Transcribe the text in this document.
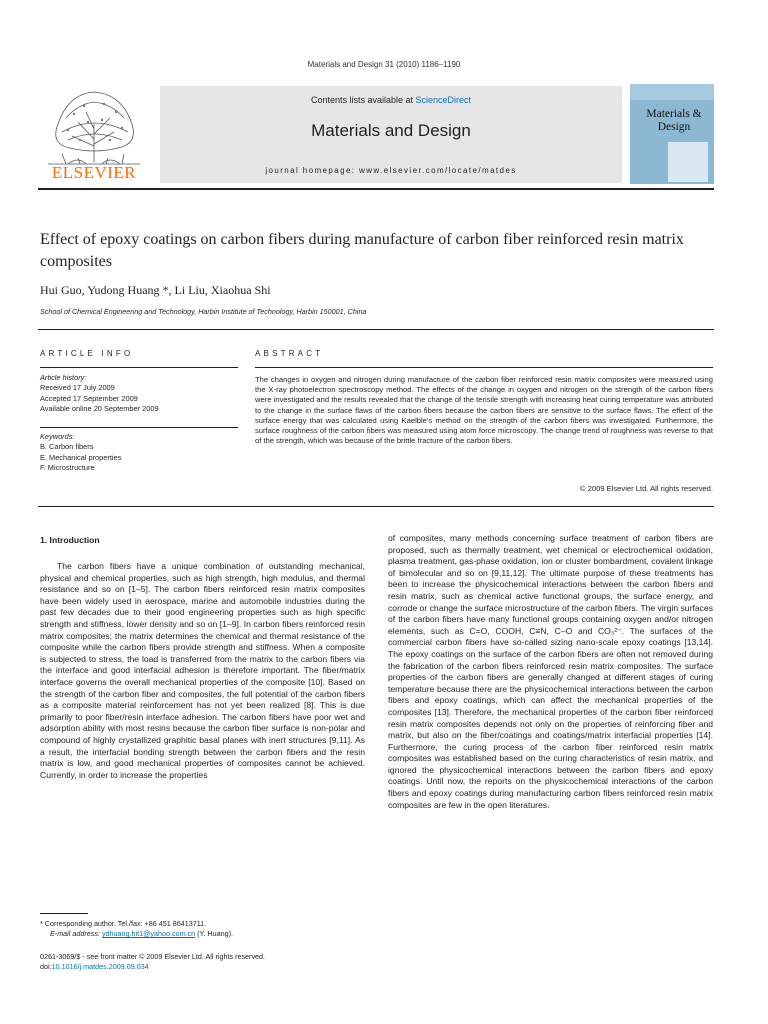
Materials and Design 31 (2010) 1186–1190
ELSEVIER
Contents lists available at ScienceDirect
Materials and Design
journal homepage: www.elsevier.com/locate/matdes
Materials & Design
Effect of epoxy coatings on carbon fibers during manufacture of carbon fiber reinforced resin matrix composites
Hui Guo, Yudong Huang *, Li Liu, Xiaohua Shi
School of Chemical Engineering and Technology, Harbin Institute of Technology, Harbin 150001, China
ARTICLE INFO	ABSTRACT
Article history:
Received 17 July 2009
Accepted 17 September 2009
Available online 20 September 2009
Keywords:
B. Carbon fibers
E. Mechanical properties
F. Microstructure
The changes in oxygen and nitrogen during manufacture of the carbon fiber reinforced resin matrix composites were measured using the X-ray photoelectron spectroscopy method. The effects of the change in oxygen and nitrogen on the strength of the carbon fibers were investigated and the results revealed that the change of the tensile strength with increasing heat curing temperature was attributed to the change in the surface flaws of the carbon fibers because the carbon fibers are sensitive to the surface flaws. The effect of the surface energy that was calculated using Kaelble's method on the strength of the carbon fibers was investigated. Furthermore, the surface roughness of the carbon fibers was measured using atom force microscopy. The change trend of roughness was reverse to that of the strength, which was because of the brittle fracture of the carbon fibers.
© 2009 Elsevier Ltd. All rights reserved.
1. Introduction

The carbon fibers have a unique combination of outstanding mechanical, physical and chemical properties, such as high strength, high modulus, and thermal resistance and so on [1–5]. The carbon fibers reinforced resin matrix composites have been widely used in aerospace, marine and automobile industries during the past few decades due to their good engineering properties such as high specific strength and stiffness, lower density and so on [1–9]. In carbon fibers reinforced resin matrix composites; the matrix determines the chemical and thermal resistance of the composite while the carbon fibers provide strength and stiffness. When a composite is subjected to stress, the load is transferred from the matrix to the carbon fibers via the interface and good interfacial adhesion is therefore important. The fiber/matrix interface governs the overall mechanical properties of the composite [10]. Based on the strength of the carbon fiber and composites, the full potential of the carbon fibers as a composite material reinforcement has not yet been realized [8]. This is due primarily to poor fiber/resin interface adhesion. The carbon fibers have poor wet and adsorption ability with most resins because the carbon fiber surface is non-polar and compound of highly crystallized graphitic basal planes with inert structures [9,11]. As a result, the interfacial bonding strength between the carbon fibers and the resin matrix is low, and good mechanical properties of composites cannot be achieved. Currently, in order to increase the properties

of composites, many methods concerning surface treatment of carbon fibers are proposed, such as thermally treatment, wet chemical or electrochemical oxidation, plasma treatment, gas-phase oxidation, ion or cluster bombardment, covalent linkage of bimolecular and so on [9,11,12]. The ultimate purpose of these treatments has been to increase the physicochemical interactions between the carbon fibers and resin matrix, such as chemical active functional groups, the surface energy, and corrode or change the surface microstructure of the carbon fibers. The virgin surfaces of the carbon fibers have many functional groups containing oxygen and/or nitrogen elements, such as C=O, COOH, C≡N, C–O and CO₃²⁻. The surfaces of the commercial carbon fibers have so-called sizing nano-scale epoxy coatings [13,14]. The epoxy coatings on the surface of the carbon fibers are often not removed during the fabrication of the carbon fibers reinforced resin matrix composites. The surface properties of the carbon fibers are generally changed at different stages of curing temperature because there are the physicochemical interactions between the carbon fibers and epoxy coatings, which can affect the mechanical properties of the composites [13]. Therefore, the mechanical properties of the carbon fiber reinforced resin matrix composites depends not only on the properties of reinforcing fiber and matrix, but also on the fiber/coatings and coatings/matrix interfacial properties [14]. Furthermore, the curing process of the carbon fiber reinforced resin matrix composites was established based on the curing characteristics of resin matrix, and ignored the physicochemical interactions between the carbon fibers and epoxy coatings. Until now, the reports on the physicochemical interactions of the carbon fibers and epoxy coatings during manufacturing carbon fibers reinforced resin matrix composites are few in the open literatures.

* Corresponding author. Tel./fax: +86 451 86413711.
E-mail address: ydhuang.hit1@yahoo.com.cn (Y. Huang).
0261-3069/$ - see front matter © 2009 Elsevier Ltd. All rights reserved.
doi:10.1016/j.matdes.2009.09.034
